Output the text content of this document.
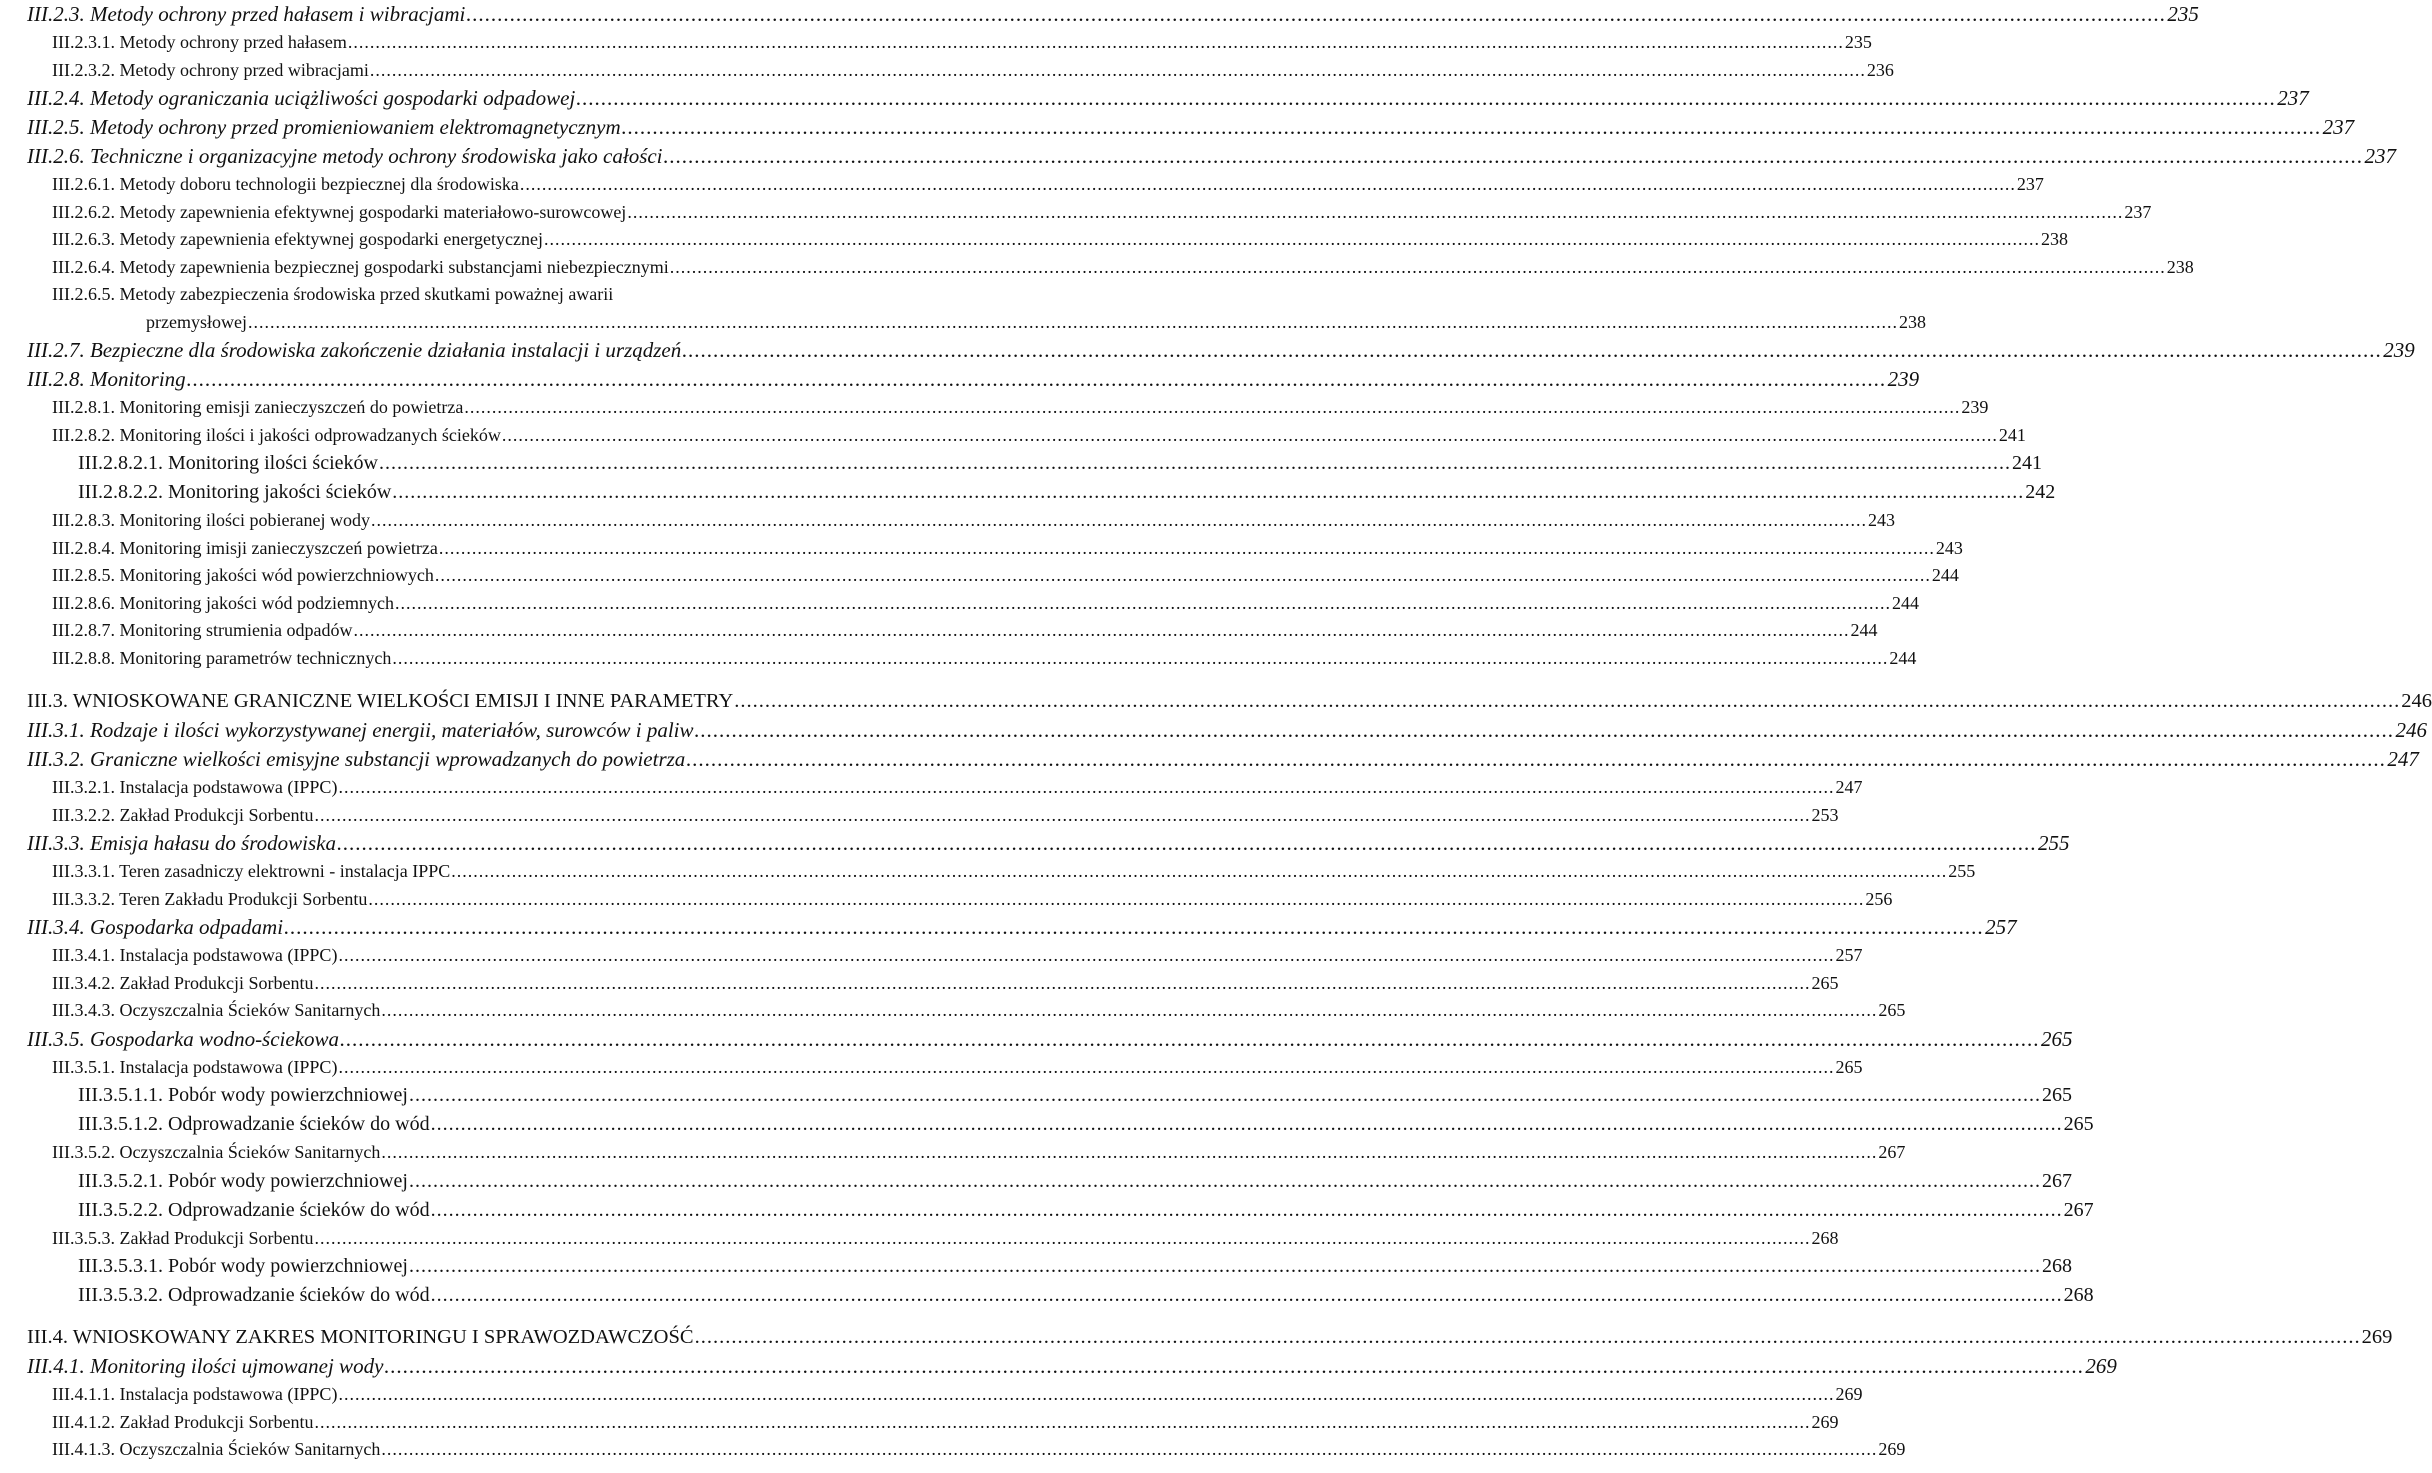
III.2.3. Metody ochrony przed hałasem i wibracjami .....	235
III.2.3.1. Metody ochrony przed hałasem .....	235
III.2.3.2. Metody ochrony przed wibracjami .....	236
III.2.4. Metody ograniczania uciążliwości gospodarki odpadowej .....	237
III.2.5. Metody ochrony przed promieniowaniem elektromagnetycznym .....	237
III.2.6. Techniczne i organizacyjne metody ochrony środowiska jako całości .....	237
III.2.6.1. Metody doboru technologii bezpiecznej dla środowiska .....	237
III.2.6.2. Metody zapewnienia efektywnej gospodarki materiałowo-surowcowej .....	237
III.2.6.3. Metody zapewnienia efektywnej gospodarki energetycznej .....	238
III.2.6.4. Metody zapewnienia bezpiecznej gospodarki substancjami niebezpiecznymi .....	238
III.2.6.5. Metody zabezpieczenia środowiska przed skutkami poważnej awarii
przemysłowej ............................................................................................................................................................................................................................................................................................................ 238
III.2.7. Bezpieczne dla środowiska zakończenie działania instalacji i urządzeń .....	239
III.2.8. Monitoring .....	239
III.2.8.1. Monitoring emisji zanieczyszczeń do powietrza .....	239
III.2.8.2. Monitoring ilości i jakości odprowadzanych ścieków .....	241
III.2.8.2.1. Monitoring ilości ścieków .....	241
III.2.8.2.2. Monitoring jakości ścieków .....	242
III.2.8.3. Monitoring ilości pobieranej wody .....	243
III.2.8.4. Monitoring imisji zanieczyszczeń powietrza .....	243
III.2.8.5. Monitoring jakości wód powierzchniowych .....	244
III.2.8.6. Monitoring jakości wód podziemnych .....	244
III.2.8.7. Monitoring strumienia odpadów .....	244
III.2.8.8. Monitoring parametrów technicznych .....	244
III.3. WNIOSKOWANE GRANICZNE WIELKOŚCI EMISJI I INNE PARAMETRY .....	246
III.3.1. Rodzaje i ilości wykorzystywanej energii, materiałów, surowców i paliw .....	246
III.3.2. Graniczne wielkości emisyjne substancji wprowadzanych do powietrza .....	247
III.3.2.1. Instalacja podstawowa (IPPC) .....	247
III.3.2.2. Zakład Produkcji Sorbentu .....	253
III.3.3. Emisja hałasu do środowiska .....	255
III.3.3.1. Teren zasadniczy elektrowni - instalacja IPPC .....	255
III.3.3.2. Teren Zakładu Produkcji Sorbentu .....	256
III.3.4. Gospodarka odpadami .....	257
III.3.4.1. Instalacja podstawowa (IPPC) .....	257
III.3.4.2. Zakład Produkcji Sorbentu .....	265
III.3.4.3. Oczyszczalnia Ścieków Sanitarnych .....	265
III.3.5. Gospodarka wodno-ściekowa .....	265
III.3.5.1. Instalacja podstawowa (IPPC) .....	265
III.3.5.1.1. Pobór wody powierzchniowej .....	265
III.3.5.1.2. Odprowadzanie ścieków do wód .....	265
III.3.5.2. Oczyszczalnia Ścieków Sanitarnych .....	267
III.3.5.2.1. Pobór wody powierzchniowej .....	267
III.3.5.2.2. Odprowadzanie ścieków do wód .....	267
III.3.5.3. Zakład Produkcji Sorbentu .....	268
III.3.5.3.1. Pobór wody powierzchniowej .....	268
III.3.5.3.2. Odprowadzanie ścieków do wód .....	268
III.4. WNIOSKOWANY ZAKRES MONITORINGU I SPRAWOZDAWCZOŚĆ .....	269
III.4.1. Monitoring ilości ujmowanej wody .....	269
III.4.1.1. Instalacja podstawowa (IPPC) .....	269
III.4.1.2. Zakład Produkcji Sorbentu .....	269
III.4.1.3. Oczyszczalnia Ścieków Sanitarnych .....	269
